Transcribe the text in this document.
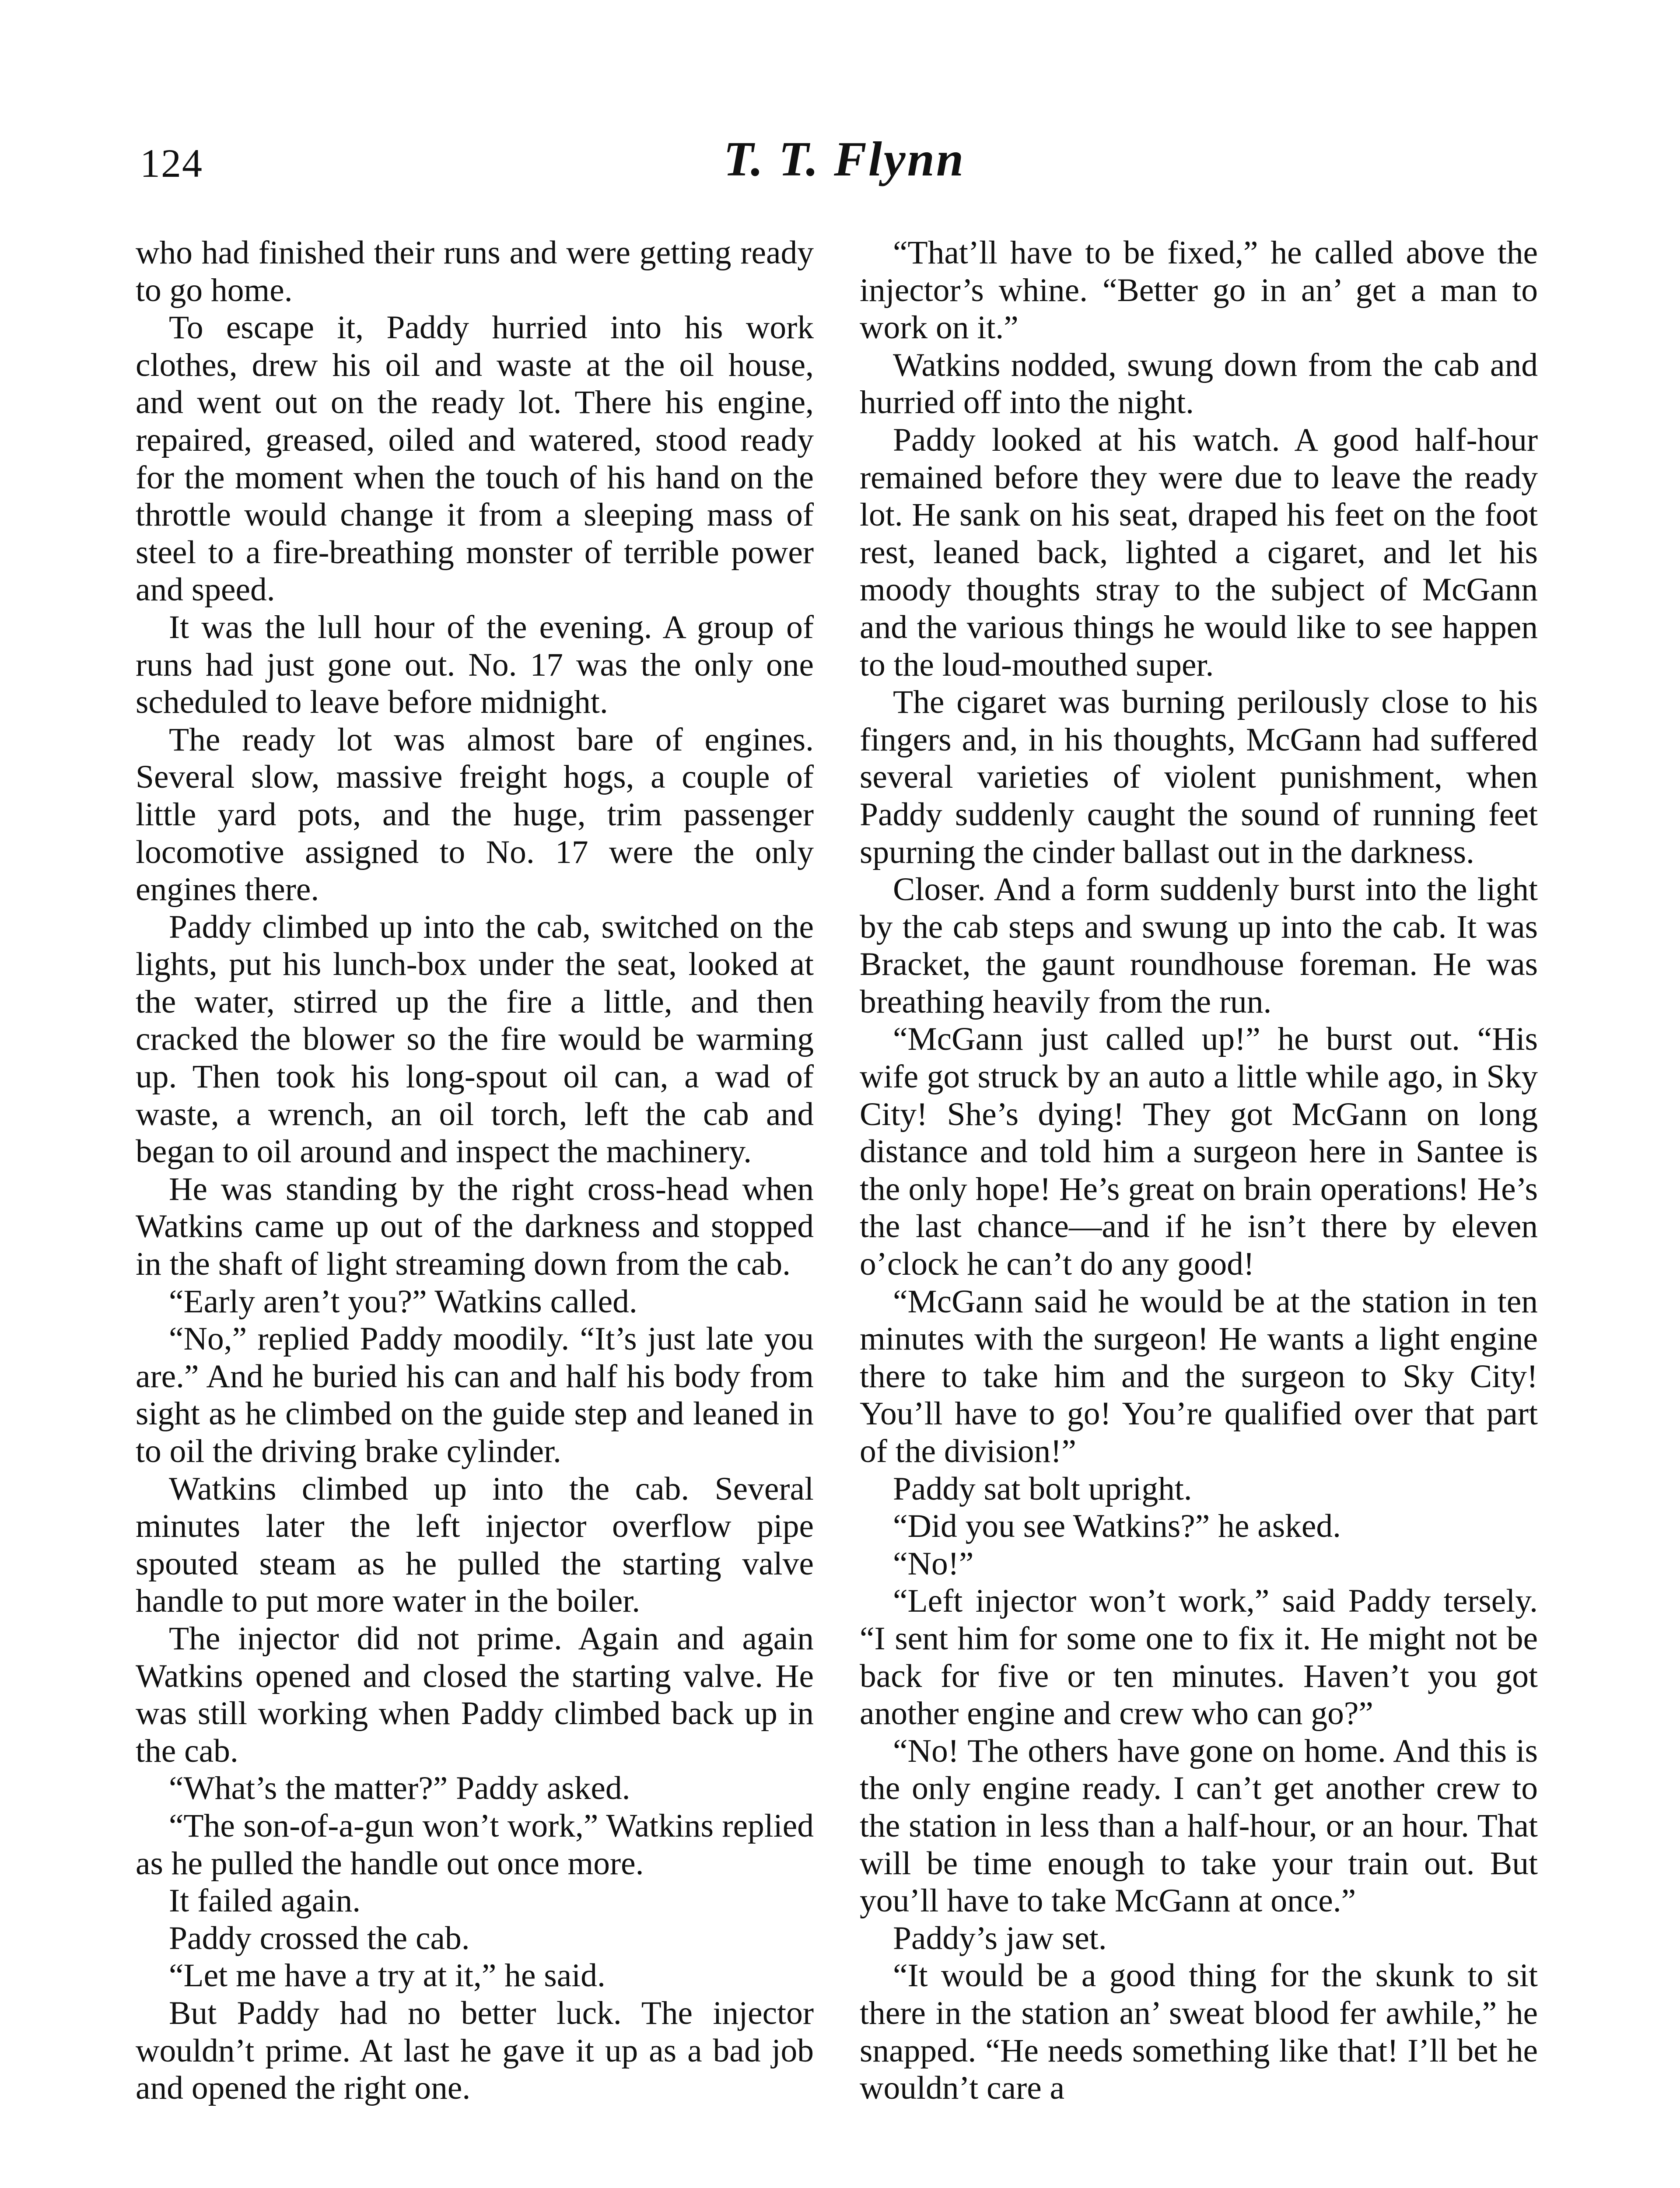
124	T. T. Flynn

who had finished their runs and were getting ready to go home.

To escape it, Paddy hurried into his work clothes, drew his oil and waste at the oil house, and went out on the ready lot. There his engine, repaired, greased, oiled and watered, stood ready for the moment when the touch of his hand on the throttle would change it from a sleeping mass of steel to a fire-breathing monster of terrible power and speed.

It was the lull hour of the evening. A group of runs had just gone out. No. 17 was the only one scheduled to leave before midnight.

The ready lot was almost bare of engines. Several slow, massive freight hogs, a couple of little yard pots, and the huge, trim passenger locomotive assigned to No. 17 were the only engines there.

Paddy climbed up into the cab, switched on the lights, put his lunch-box under the seat, looked at the water, stirred up the fire a little, and then cracked the blower so the fire would be warming up. Then took his long-spout oil can, a wad of waste, a wrench, an oil torch, left the cab and began to oil around and inspect the machinery.

He was standing by the right cross-head when Watkins came up out of the darkness and stopped in the shaft of light streaming down from the cab.

“Early aren’t you?” Watkins called.

“No,” replied Paddy moodily. “It’s just late you are.” And he buried his can and half his body from sight as he climbed on the guide step and leaned in to oil the driving brake cylinder.

Watkins climbed up into the cab. Several minutes later the left injector overflow pipe spouted steam as he pulled the starting valve handle to put more water in the boiler.

The injector did not prime. Again and again Watkins opened and closed the starting valve. He was still working when Paddy climbed back up in the cab.

“What’s the matter?” Paddy asked.

“The son-of-a-gun won’t work,” Watkins replied as he pulled the handle out once more.

It failed again.

Paddy crossed the cab.

“Let me have a try at it,” he said.

But Paddy had no better luck. The injector wouldn’t prime. At last he gave it up as a bad job and opened the right one.

“That’ll have to be fixed,” he called above the injector’s whine. “Better go in an’ get a man to work on it.”

Watkins nodded, swung down from the cab and hurried off into the night.

Paddy looked at his watch. A good half-hour remained before they were due to leave the ready lot. He sank on his seat, draped his feet on the foot rest, leaned back, lighted a cigaret, and let his moody thoughts stray to the subject of McGann and the various things he would like to see happen to the loud-mouthed super.

The cigaret was burning perilously close to his fingers and, in his thoughts, McGann had suffered several varieties of violent punishment, when Paddy suddenly caught the sound of running feet spurning the cinder ballast out in the darkness.

Closer. And a form suddenly burst into the light by the cab steps and swung up into the cab. It was Bracket, the gaunt roundhouse foreman. He was breathing heavily from the run.

“McGann just called up!” he burst out. “His wife got struck by an auto a little while ago, in Sky City! She’s dying! They got McGann on long distance and told him a surgeon here in Santee is the only hope! He’s great on brain operations! He’s the last chance—and if he isn’t there by eleven o’clock he can’t do any good!

“McGann said he would be at the station in ten minutes with the surgeon! He wants a light engine there to take him and the surgeon to Sky City! You’ll have to go! You’re qualified over that part of the division!”

Paddy sat bolt upright.

“Did you see Watkins?” he asked.

“No!”

“Left injector won’t work,” said Paddy tersely. “I sent him for some one to fix it. He might not be back for five or ten minutes. Haven’t you got another engine and crew who can go?”

“No! The others have gone on home. And this is the only engine ready. I can’t get another crew to the station in less than a half-hour, or an hour. That will be time enough to take your train out. But you’ll have to take McGann at once.”

Paddy’s jaw set.

“It would be a good thing for the skunk to sit there in the station an’ sweat blood fer awhile,” he snapped. “He needs something like that! I’ll bet he wouldn’t care a
